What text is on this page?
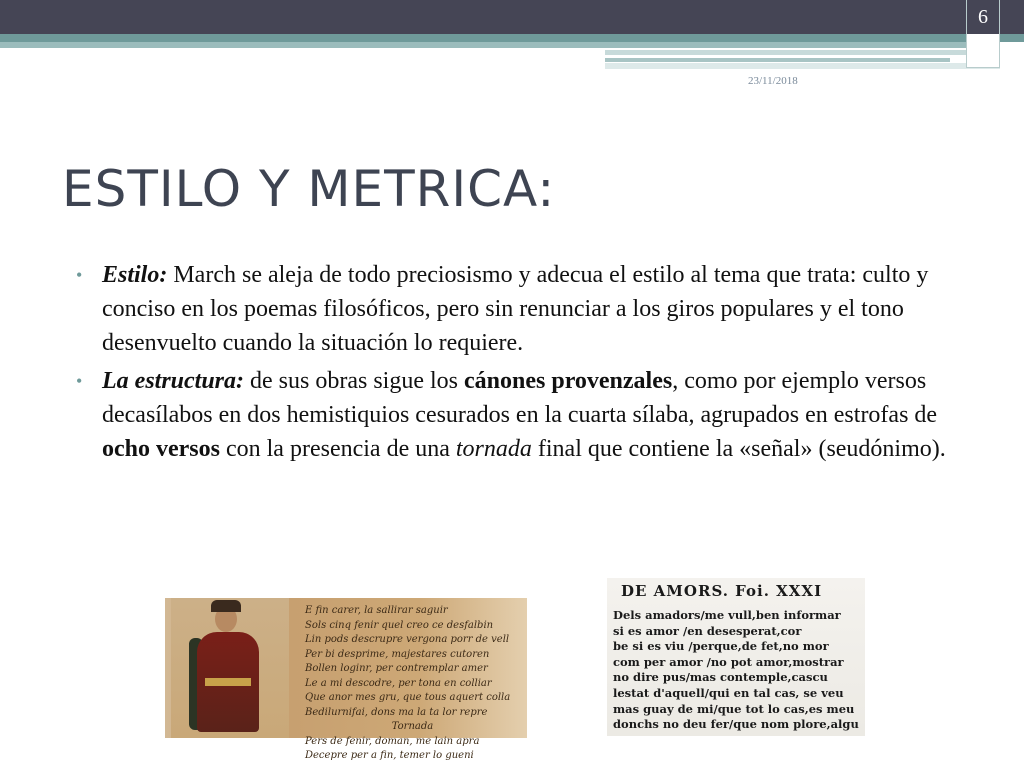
6
23/11/2018
ESTILO Y METRICA:
• Estilo: March se aleja de todo preciosismo y adecua el estilo al tema que trata: culto y conciso en los poemas filosóficos, pero sin renunciar a los giros populares y el tono desenvuelto cuando la situación lo requiere.
• La estructura: de sus obras sigue los cánones provenzales, como por ejemplo versos decasílabos en dos hemistiquios cesurados en la cuarta sílaba, agrupados en estrofas de ocho versos con la presencia de una tornada final que contiene la «señal» (seudónimo).
E fin carer, la sallirar saguir
Sols cinq fenir quel creo ce desfalbin
Lin pods descrupre vergona porr de vell
Per bi desprime, majestares cutoren
Bollen loginr, per contremplar amer
Le a mi descodre, per tona en colliar
Que anor mes gru, que tous aquert colla
Bedilurnifai, dons ma la ta lor repre
Tornada
Pers de fenir, doman, me lain apra
Decepre per a fin, temer lo gueni
DE AMORS. Foi. XXXI
Dels amadors/me vull,ben informar
si es amor /en desesperat,cor
be si es viu /perque,de fet,no mor
com per amor /no pot amor,mostrar
no dire pus/mas contemple,cascu
lestat d'aquell/qui en tal cas, se veu
mas guay de mi/que tot lo cas,es meu
donchs no deu fer/que nom plore,algu
